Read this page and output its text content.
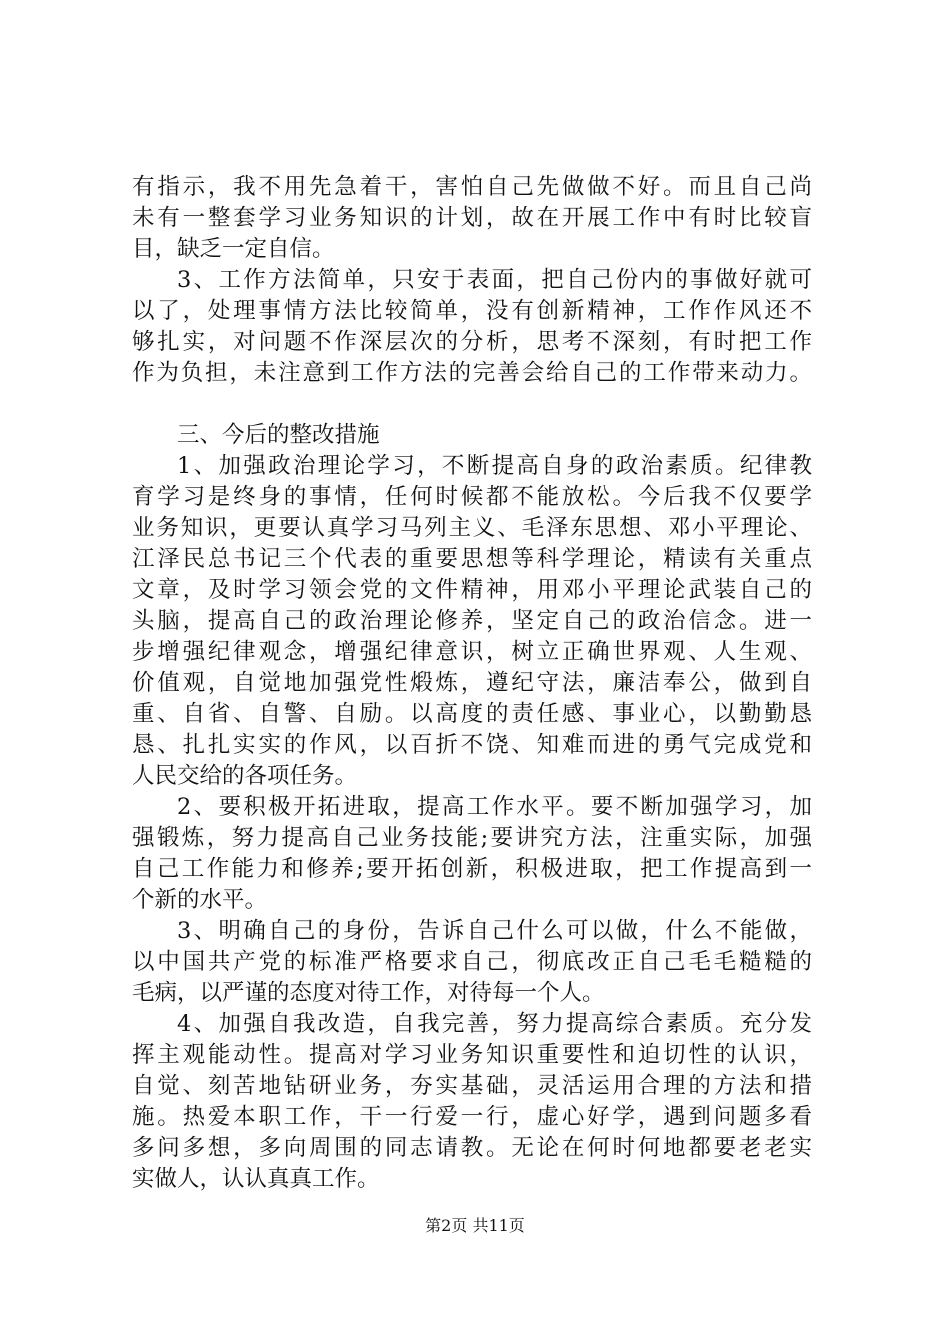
有指示，我不用先急着干，害怕自己先做做不好。而且自己尚
未有一整套学习业务知识的计划，故在开展工作中有时比较盲
目，缺乏一定自信。
3、工作方法简单，只安于表面，把自己份内的事做好就可
以了，处理事情方法比较简单，没有创新精神，工作作风还不
够扎实，对问题不作深层次的分析，思考不深刻，有时把工作
作为负担，未注意到工作方法的完善会给自己的工作带来动力。
三、今后的整改措施
1、加强政治理论学习，不断提高自身的政治素质。纪律教
育学习是终身的事情，任何时候都不能放松。今后我不仅要学
业务知识，更要认真学习马列主义、毛泽东思想、邓小平理论、
江泽民总书记三个代表的重要思想等科学理论，精读有关重点
文章，及时学习领会党的文件精神，用邓小平理论武装自己的
头脑，提高自己的政治理论修养，坚定自己的政治信念。进一
步增强纪律观念，增强纪律意识，树立正确世界观、人生观、
价值观，自觉地加强党性煅炼，遵纪守法，廉洁奉公，做到自
重、自省、自警、自励。以高度的责任感、事业心，以勤勤恳
恳、扎扎实实的作风，以百折不饶、知难而进的勇气完成党和
人民交给的各项任务。
2、要积极开拓进取，提高工作水平。要不断加强学习，加
强锻炼，努力提高自己业务技能;要讲究方法，注重实际，加强
自己工作能力和修养;要开拓创新，积极进取，把工作提高到一
个新的水平。
3、明确自己的身份，告诉自己什么可以做，什么不能做，
以中国共产党的标准严格要求自己，彻底改正自己毛毛糙糙的
毛病，以严谨的态度对待工作，对待每一个人。
4、加强自我改造，自我完善，努力提高综合素质。充分发
挥主观能动性。提高对学习业务知识重要性和迫切性的认识，
自觉、刻苦地钻研业务，夯实基础，灵活运用合理的方法和措
施。热爱本职工作，干一行爱一行，虚心好学，遇到问题多看
多问多想，多向周围的同志请教。无论在何时何地都要老老实
实做人，认认真真工作。
第2页 共11页
